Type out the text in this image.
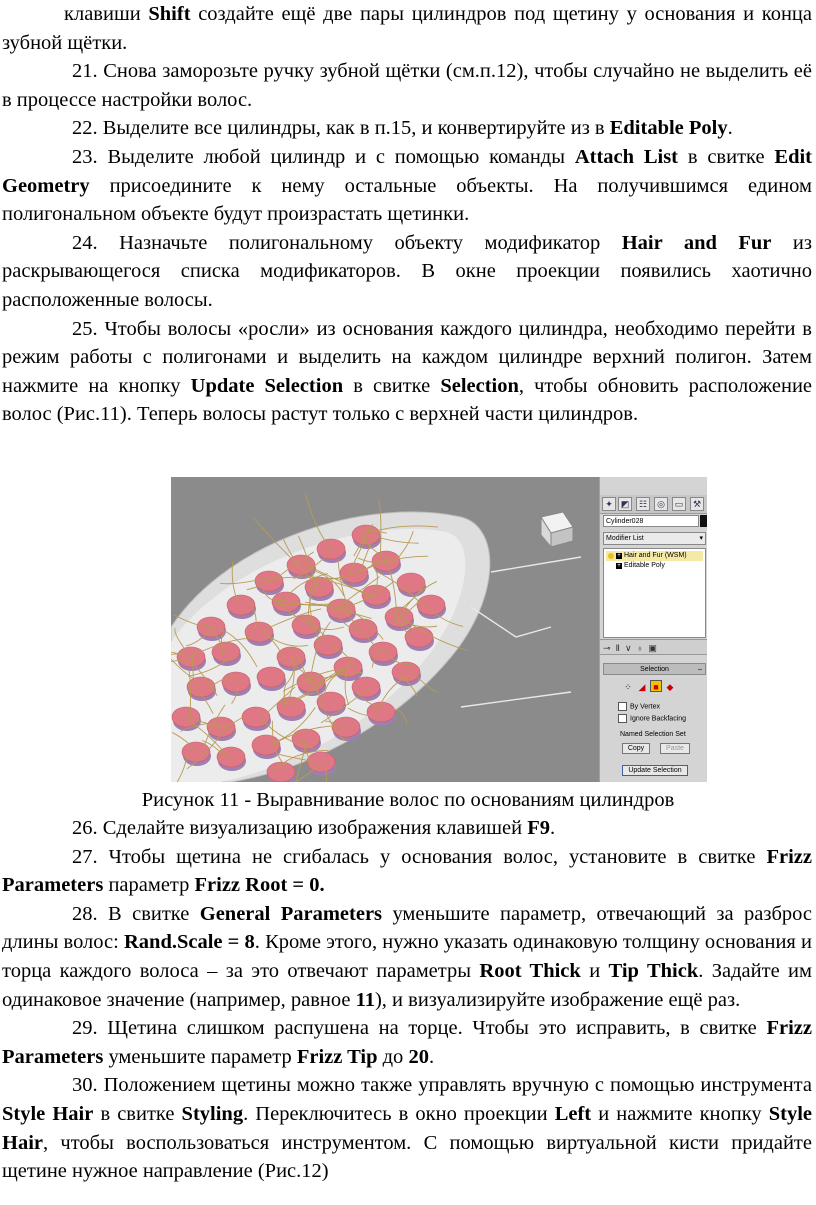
клавиши Shift создайте ещё две пары цилиндров под щетину у основания и конца зубной щётки.

21. Снова заморозьте ручку зубной щётки (см.п.12), чтобы случайно не выделить её в процессе настройки волос.

22. Выделите все цилиндры, как в п.15, и конвертируйте из в Editable Poly.

23. Выделите любой цилиндр и с помощью команды Attach List в свитке Edit Geometry присоедините к нему остальные объекты. На получившимся едином полигональном объекте будут произрастать щетинки.

24. Назначьте полигональному объекту модификатор Hair and Fur из раскрывающегося списка модификаторов. В окне проекции появились хаотично расположенные волосы.

25. Чтобы волосы «росли» из основания каждого цилиндра, необходимо перейти в режим работы с полигонами и выделить на каждом цилиндре верхний полигон. Затем нажмите на кнопку Update Selection в свитке Selection, чтобы обновить расположение волос (Рис.11). Теперь волосы растут только с верхней части цилиндров.

✦ ◩	☷	◎	▭	⚒
Cylinder028
Modifier List	▾
+ Hair and Fur (WSM)
+ Editable Poly
⊸Ⅱ∨♁▣
Selection	–
⁘ ◢ ■ ◆
By Vertex
Ignore Backfacing
Named Selection Set
Copy	Paste
Update Selection
Рисунок 11 - Выравнивание волос по основаниям цилиндров

26. Сделайте визуализацию изображения клавишей F9.

27. Чтобы щетина не сгибалась у основания волос, установите в свитке Frizz Parameters параметр Frizz Root = 0.

28. В свитке General Parameters уменьшите параметр, отвечающий за разброс длины волос: Rand.Scale = 8. Кроме этого, нужно указать одинаковую толщину основания и торца каждого волоса – за это отвечают параметры Root Thick и Tip Thick. Задайте им одинаковое значение (например, равное 11), и визуализируйте изображение ещё раз.

29. Щетина слишком распушена на торце. Чтобы это исправить, в свитке Frizz Parameters уменьшите параметр Frizz Tip до 20.

30. Положением щетины можно также управлять вручную с помощью инструмента Style Hair в свитке Styling. Переключитесь в окно проекции Left и нажмите кнопку Style Hair, чтобы воспользоваться инструментом. С помощью виртуальной кисти придайте щетине нужное направление (Рис.12)
